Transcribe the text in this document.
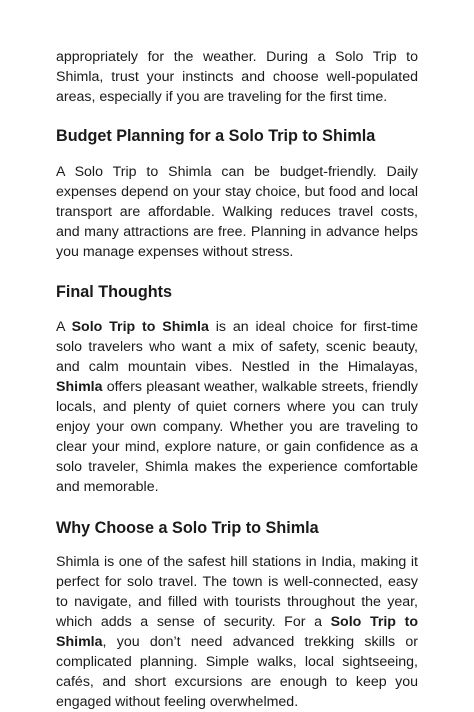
appropriately for the weather. During a Solo Trip to Shimla, trust your instincts and choose well-populated areas, especially if you are traveling for the first time.

Budget Planning for a Solo Trip to Shimla

A Solo Trip to Shimla can be budget-friendly. Daily expenses depend on your stay choice, but food and local transport are affordable. Walking reduces travel costs, and many attractions are free. Planning in advance helps you manage expenses without stress.

Final Thoughts

A Solo Trip to Shimla is an ideal choice for first-time solo travelers who want a mix of safety, scenic beauty, and calm mountain vibes. Nestled in the Himalayas, Shimla offers pleasant weather, walkable streets, friendly locals, and plenty of quiet corners where you can truly enjoy your own company. Whether you are traveling to clear your mind, explore nature, or gain confidence as a solo traveler, Shimla makes the experience comfortable and memorable.

Why Choose a Solo Trip to Shimla

Shimla is one of the safest hill stations in India, making it perfect for solo travel. The town is well-connected, easy to navigate, and filled with tourists throughout the year, which adds a sense of security. For a Solo Trip to Shimla, you don’t need advanced trekking skills or complicated planning. Simple walks, local sightseeing, cafés, and short excursions are enough to keep you engaged without feeling overwhelmed.
